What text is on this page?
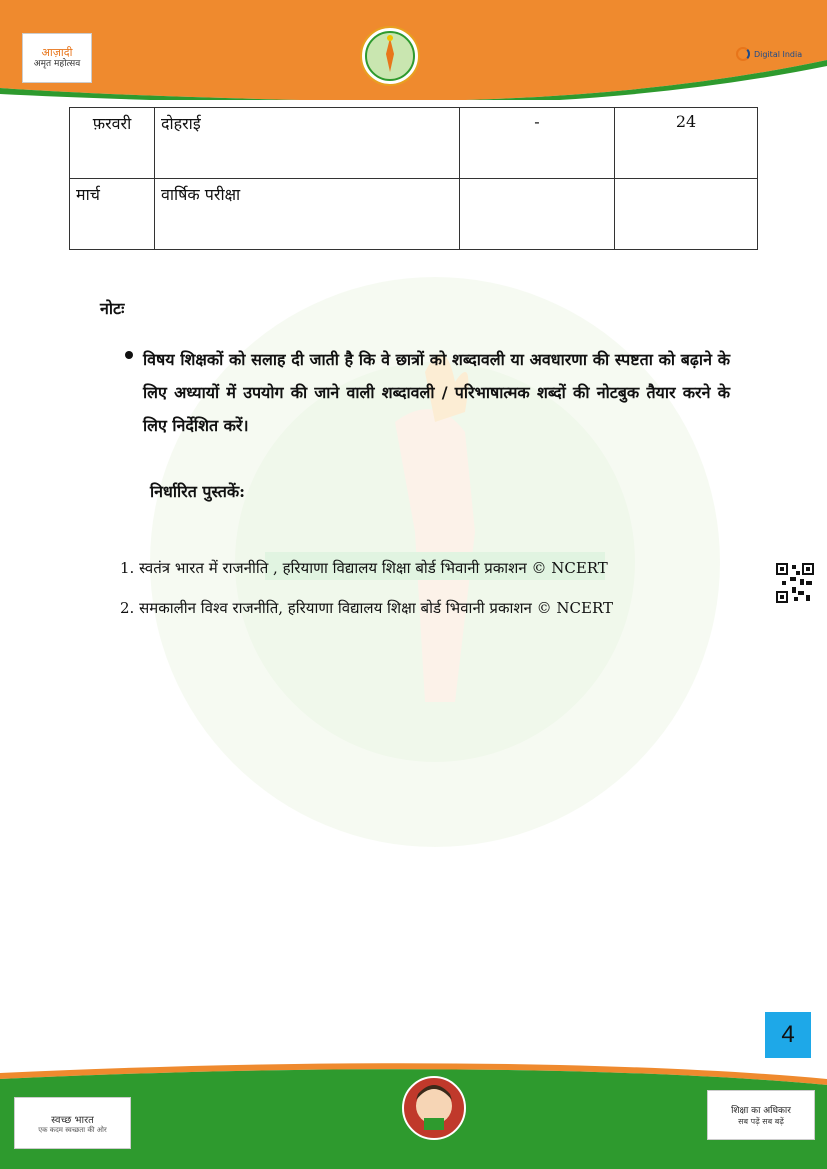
आज़ादी
अमृत महोत्सव
Digital India
फ़रवरी	दोहराई	-	24
मार्च	वार्षिक परीक्षा		
नोटः
विषय शिक्षकों को सलाह दी जाती है कि वे छात्रों को शब्दावली या अवधारणा की स्पष्टता को बढ़ाने के लिए अध्यायों में उपयोग की जाने वाली शब्दावली / परिभाषात्मक शब्दों की नोटबुक तैयार करने के लिए निर्देशित करें।
निर्धारित पुस्तकें:
1. स्वतंत्र भारत में राजनीति , हरियाणा विद्यालय शिक्षा बोर्ड भिवानी प्रकाशन © NCERT
2. समकालीन विश्व राजनीति, हरियाणा विद्यालय शिक्षा बोर्ड भिवानी प्रकाशन © NCERT
4
स्वच्छ भारत
एक कदम स्वच्छता की ओर
शिक्षा का अधिकार
सब पढ़ें सब बढ़ें
